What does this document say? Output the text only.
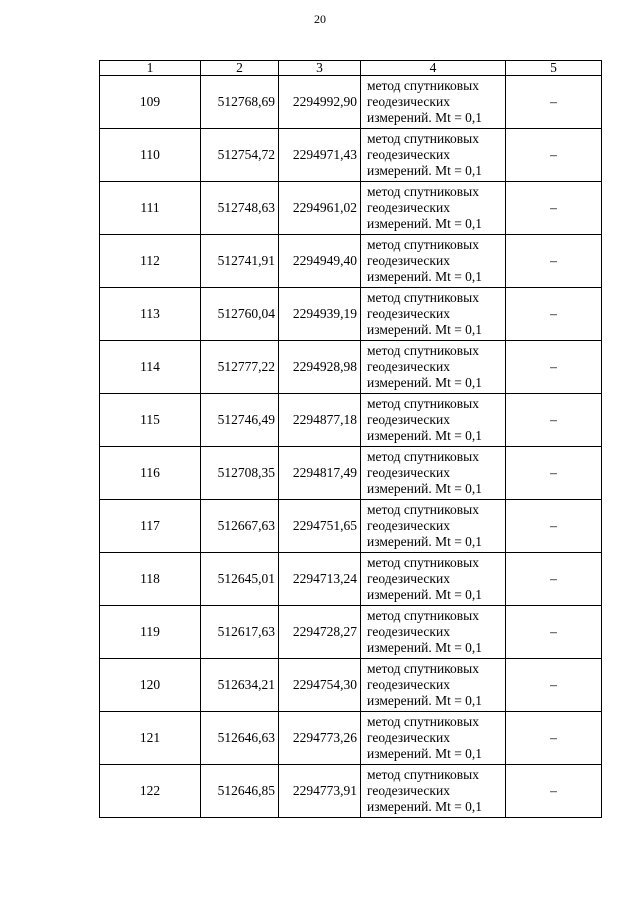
20
1	2	3	4	5
109	512768,69	2294992,90	метод спутниковых
геодезических
измерений. Mt = 0,1	–
110	512754,72	2294971,43	метод спутниковых
геодезических
измерений. Mt = 0,1	–
111	512748,63	2294961,02	метод спутниковых
геодезических
измерений. Mt = 0,1	–
112	512741,91	2294949,40	метод спутниковых
геодезических
измерений. Mt = 0,1	–
113	512760,04	2294939,19	метод спутниковых
геодезических
измерений. Mt = 0,1	–
114	512777,22	2294928,98	метод спутниковых
геодезических
измерений. Mt = 0,1	–
115	512746,49	2294877,18	метод спутниковых
геодезических
измерений. Mt = 0,1	–
116	512708,35	2294817,49	метод спутниковых
геодезических
измерений. Mt = 0,1	–
117	512667,63	2294751,65	метод спутниковых
геодезических
измерений. Mt = 0,1	–
118	512645,01	2294713,24	метод спутниковых
геодезических
измерений. Mt = 0,1	–
119	512617,63	2294728,27	метод спутниковых
геодезических
измерений. Mt = 0,1	–
120	512634,21	2294754,30	метод спутниковых
геодезических
измерений. Mt = 0,1	–
121	512646,63	2294773,26	метод спутниковых
геодезических
измерений. Mt = 0,1	–
122	512646,85	2294773,91	метод спутниковых
геодезических
измерений. Mt = 0,1	–
